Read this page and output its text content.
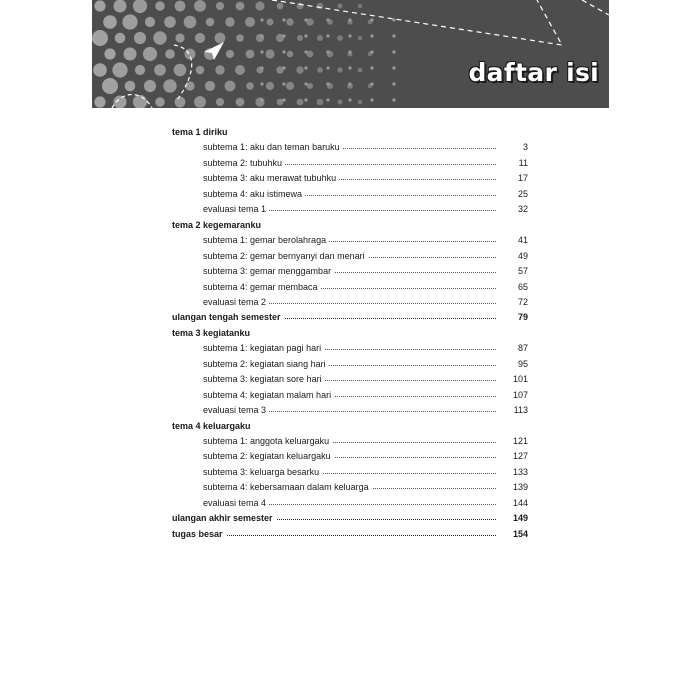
daftar isi
tema 1 diriku
subtema 1: aku dan teman baruku	3
subtema 2: tubuhku	11
subtema 3: aku merawat tubuhku	17
subtema 4: aku istimewa	25
evaluasi tema 1	32
tema 2 kegemaranku
subtema 1: gemar berolahraga	41
subtema 2: gemar bernyanyi dan menari	49
subtema 3: gemar menggambar	57
subtema 4: gemar membaca	65
evaluasi tema 2	72
ulangan tengah semester	79
tema 3 kegiatanku
subtema 1: kegiatan pagi hari	87
subtema 2: kegiatan siang hari	95
subtema 3: kegiatan sore hari	101
subtema 4: kegiatan malam hari	107
evaluasi tema 3	113
tema 4 keluargaku
subtema 1: anggota keluargaku	121
subtema 2: kegiatan keluargaku	127
subtema 3: keluarga besarku	133
subtema 4: kebersamaan dalam keluarga	139
evaluasi tema 4	144
ulangan akhir semester	149
tugas besar	154
